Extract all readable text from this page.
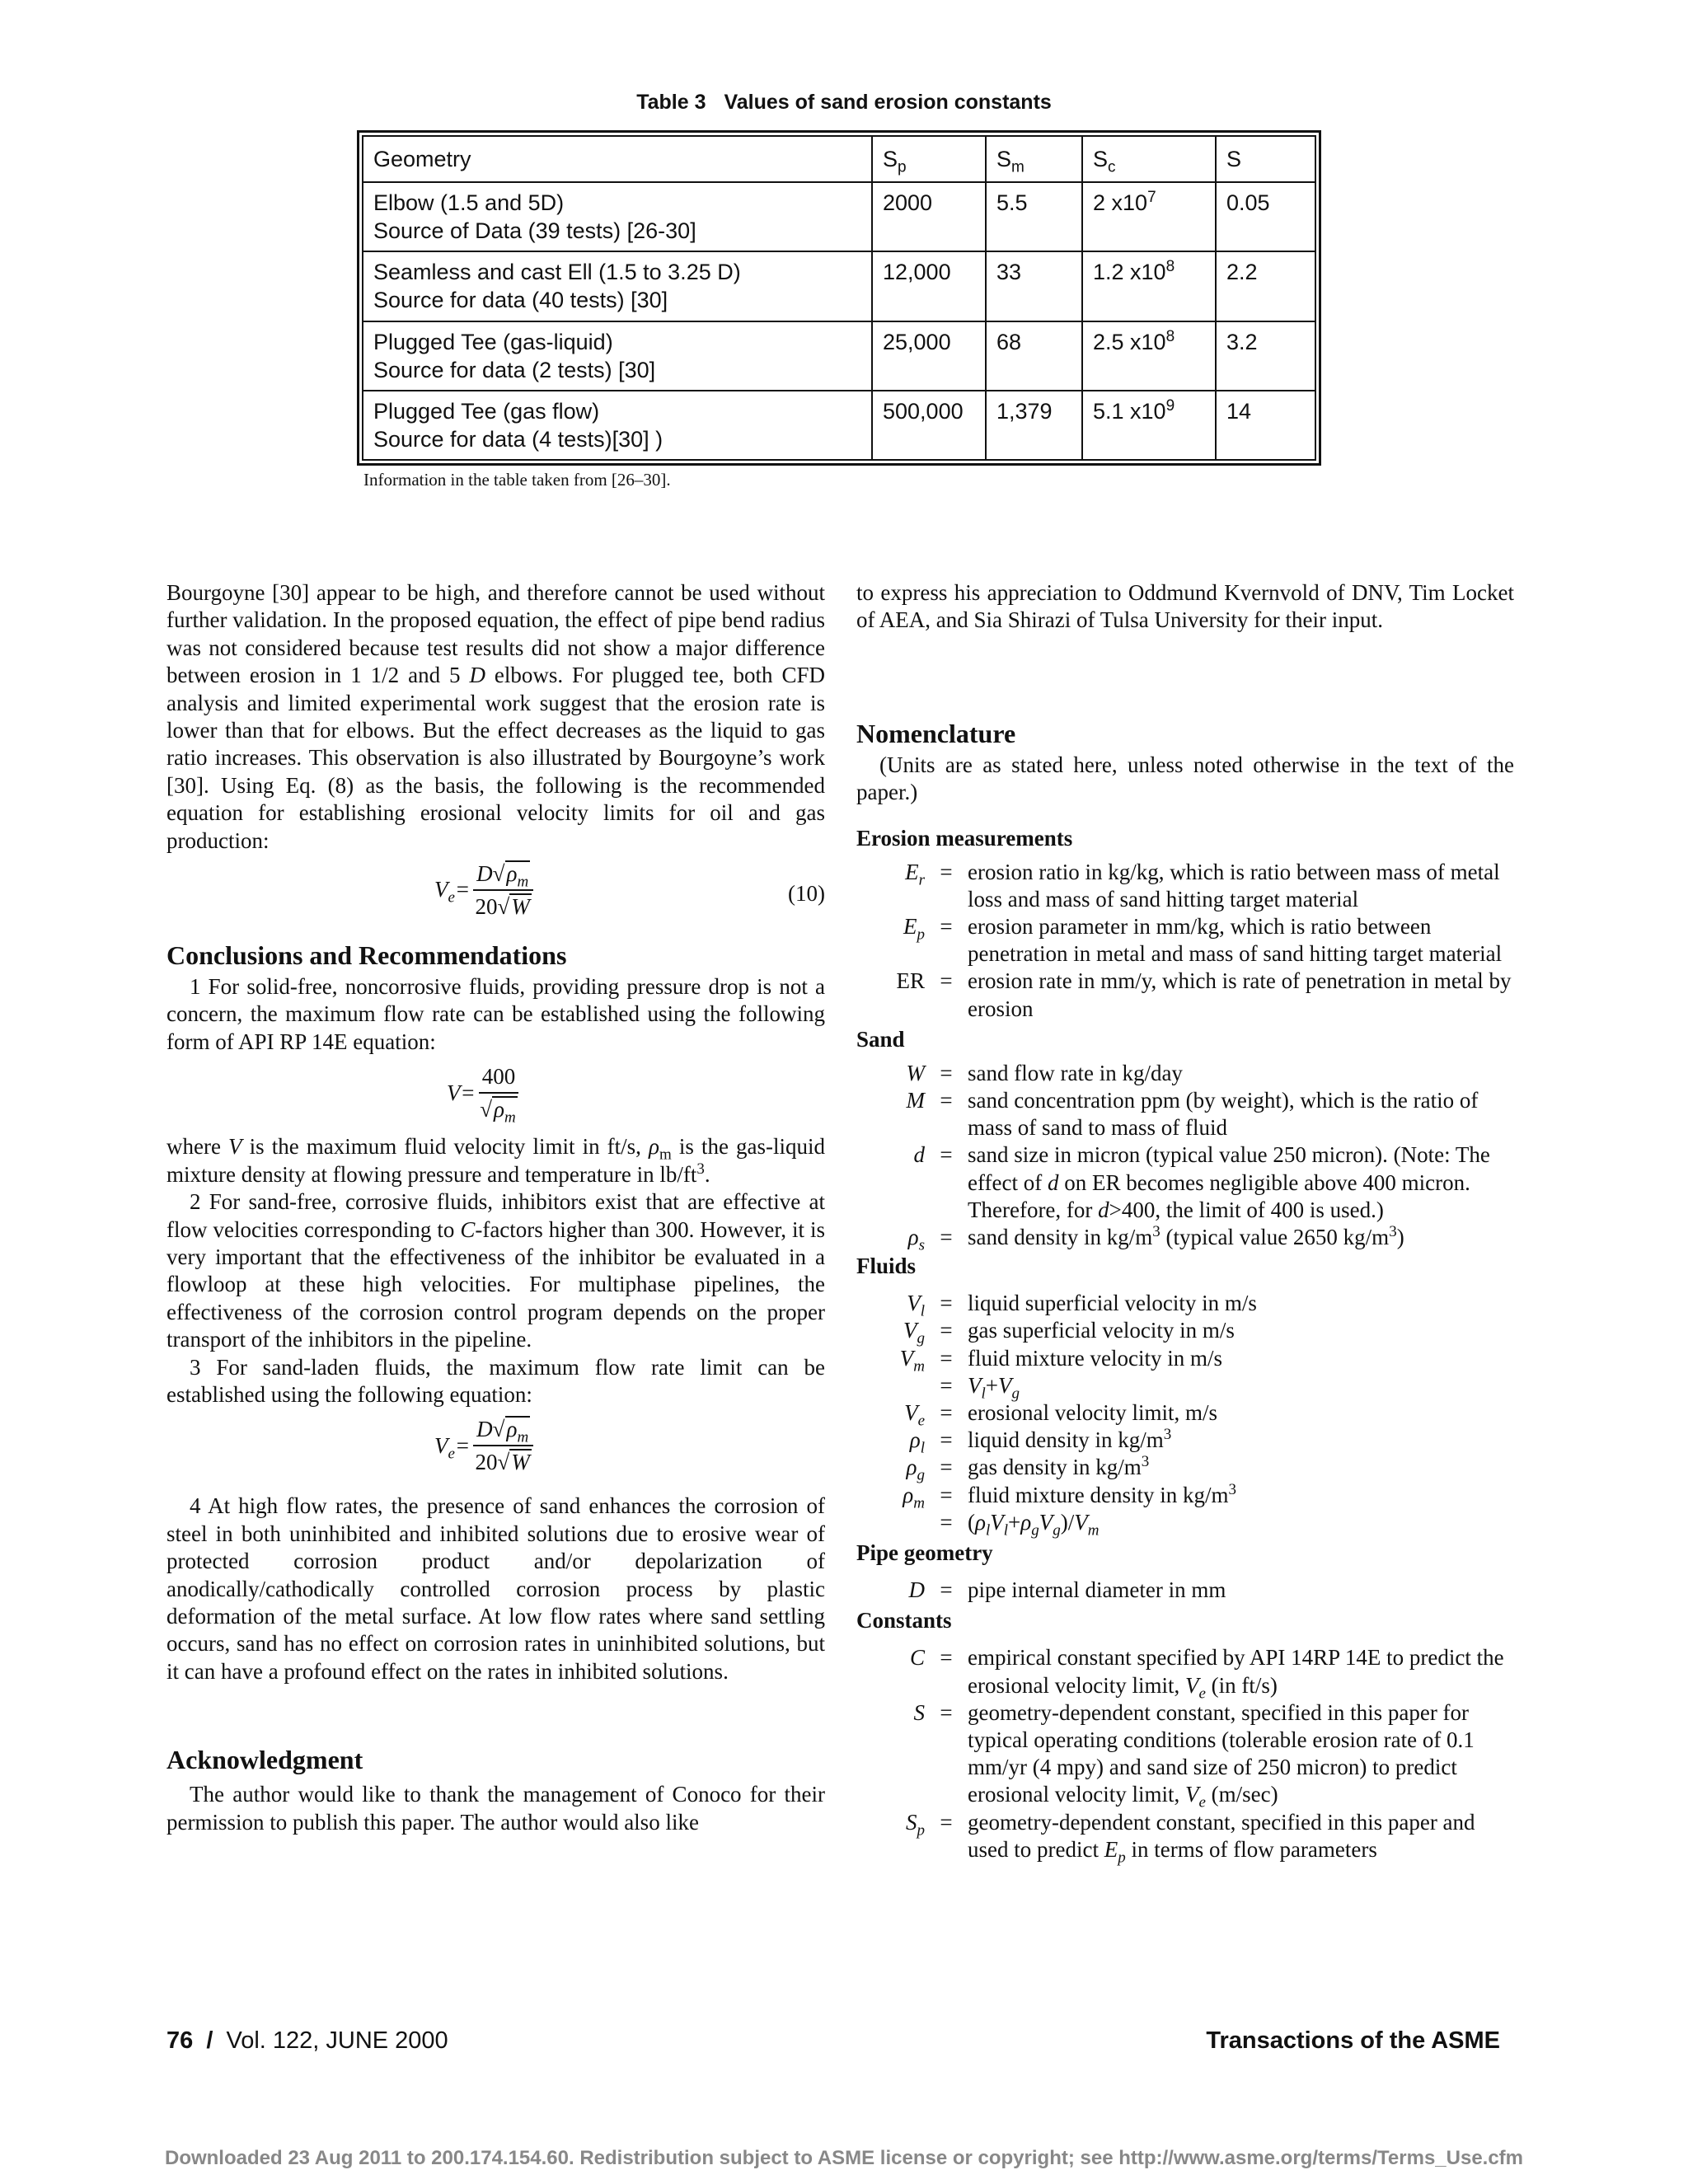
Table 3 Values of sand erosion constants
Geometry	$S_p$	$S_m$	$S_c$	S

Elbow (1.5 and 5D)
Source of Data (39 tests) [26-30]	2000	5.5	2 $x10^7$	0.05

Seamless and cast Ell (1.5 to 3.25 D)
Source for data (40 tests) [30]	12,000	33	1.2 $x10^8$	2.2

Plugged Tee (gas-liquid)
Source for data (2 tests) [30]	25,000	68	2.5 $x10^8$	3.2

Plugged Tee (gas flow)
Source for data (4 tests)[30] )	500,000	1,379	5.1 $x10^9$	14
Information in the table taken from [26–30].

Bourgoyne [30] appear to be high, and therefore cannot be used without further validation. In the proposed equation, the effect of pipe bend radius was not considered because test results did not show a major difference between erosion in 1 1/2 and 5 D elbows. For plugged tee, both CFD analysis and limited experimental work suggest that the erosion rate is lower than that for elbows. But the effect decreases as the liquid to gas ratio increases. This observation is also illustrated by Bourgoyne’s work [30]. Using Eq. (8) as the basis, the following is the recommended equation for establishing erosional velocity limits for oil and gas production:

$V_e= \frac{D√\rho_m}{20√W}$	(10)
Conclusions and Recommendations

1 For solid-free, noncorrosive fluids, providing pressure drop is not a concern, the maximum flow rate can be established using the following form of API RP 14E equation:

$V= \frac{400}{√\rho_m}$

where V is the maximum fluid velocity limit in ft/s, $\rho_m$ is the gas-liquid mixture density at flowing pressure and temperature in $lb/ft^3$.

2 For sand-free, corrosive fluids, inhibitors exist that are effective at flow velocities corresponding to C-factors higher than 300. However, it is very important that the effectiveness of the inhibitor be evaluated in a flowloop at these high velocities. For multiphase pipelines, the effectiveness of the corrosion control program depends on the proper transport of the inhibitors in the pipeline.

3 For sand-laden fluids, the maximum flow rate limit can be established using the following equation:

$V_e= \frac{D√\rho_m}{20√W}$

4 At high flow rates, the presence of sand enhances the corrosion of steel in both uninhibited and inhibited solutions due to erosive wear of protected corrosion product and/or depolarization of anodically/cathodically controlled corrosion process by plastic deformation of the metal surface. At low flow rates where sand settling occurs, sand has no effect on corrosion rates in uninhibited solutions, but it can have a profound effect on the rates in inhibited solutions.

Acknowledgment

The author would like to thank the management of Conoco for their permission to publish this paper. The author would also like

to express his appreciation to Oddmund Kvernvold of DNV, Tim Locket of AEA, and Sia Shirazi of Tulsa University for their input.

Nomenclature

(Units are as stated here, unless noted otherwise in the text of the paper.)

Erosion measurements
$E_r$ = erosion ratio in kg/kg, which is ratio between mass of metal loss and mass of sand hitting target material
$E_p$ = erosion parameter in mm/kg, which is ratio between penetration in metal and mass of sand hitting target material
ER = erosion rate in mm/y, which is rate of penetration in metal by erosion
Sand
W = sand flow rate in kg/day
M = sand concentration ppm (by weight), which is the ratio of mass of sand to mass of fluid
d = sand size in micron (typical value 250 micron). (Note: The effect of d on ER becomes negligible above 400 micron. Therefore, for d>400, the limit of 400 is used.)
$\rho_s$ = sand density in $kg/m^3$ (typical value 2650 $kg/m^3$)
Fluids
$V_l$ = liquid superficial velocity in m/s
$V_g$ = gas superficial velocity in m/s
$V_m$ = fluid mixture velocity in m/s
= $V_l+V_g$
$V_e$ = erosional velocity limit, m/s
$\rho_l$ = liquid density in $kg/m^3$
$\rho_g$ = gas density in $kg/m^3$
$\rho_m$ = fluid mixture density in $kg/m^3$
= $(\rho_lV_l+\rho_gV_g)/V_m$
Pipe geometry
D = pipe internal diameter in mm
Constants
C = empirical constant specified by API 14RP 14E to predict the erosional velocity limit, $V_e$ (in ft/s)
S = geometry-dependent constant, specified in this paper for typical operating conditions (tolerable erosion rate of 0.1 mm/yr (4 mpy) and sand size of 250 micron) to predict erosional velocity limit, $V_e$ (m/sec)
$S_p$ = geometry-dependent constant, specified in this paper and used to predict $E_p$ in terms of flow parameters
76 / Vol. 122, JUNE 2000	Transactions of the ASME
Downloaded 23 Aug 2011 to 200.174.154.60. Redistribution subject to ASME license or copyright; see http://www.asme.org/terms/Terms_Use.cfm
